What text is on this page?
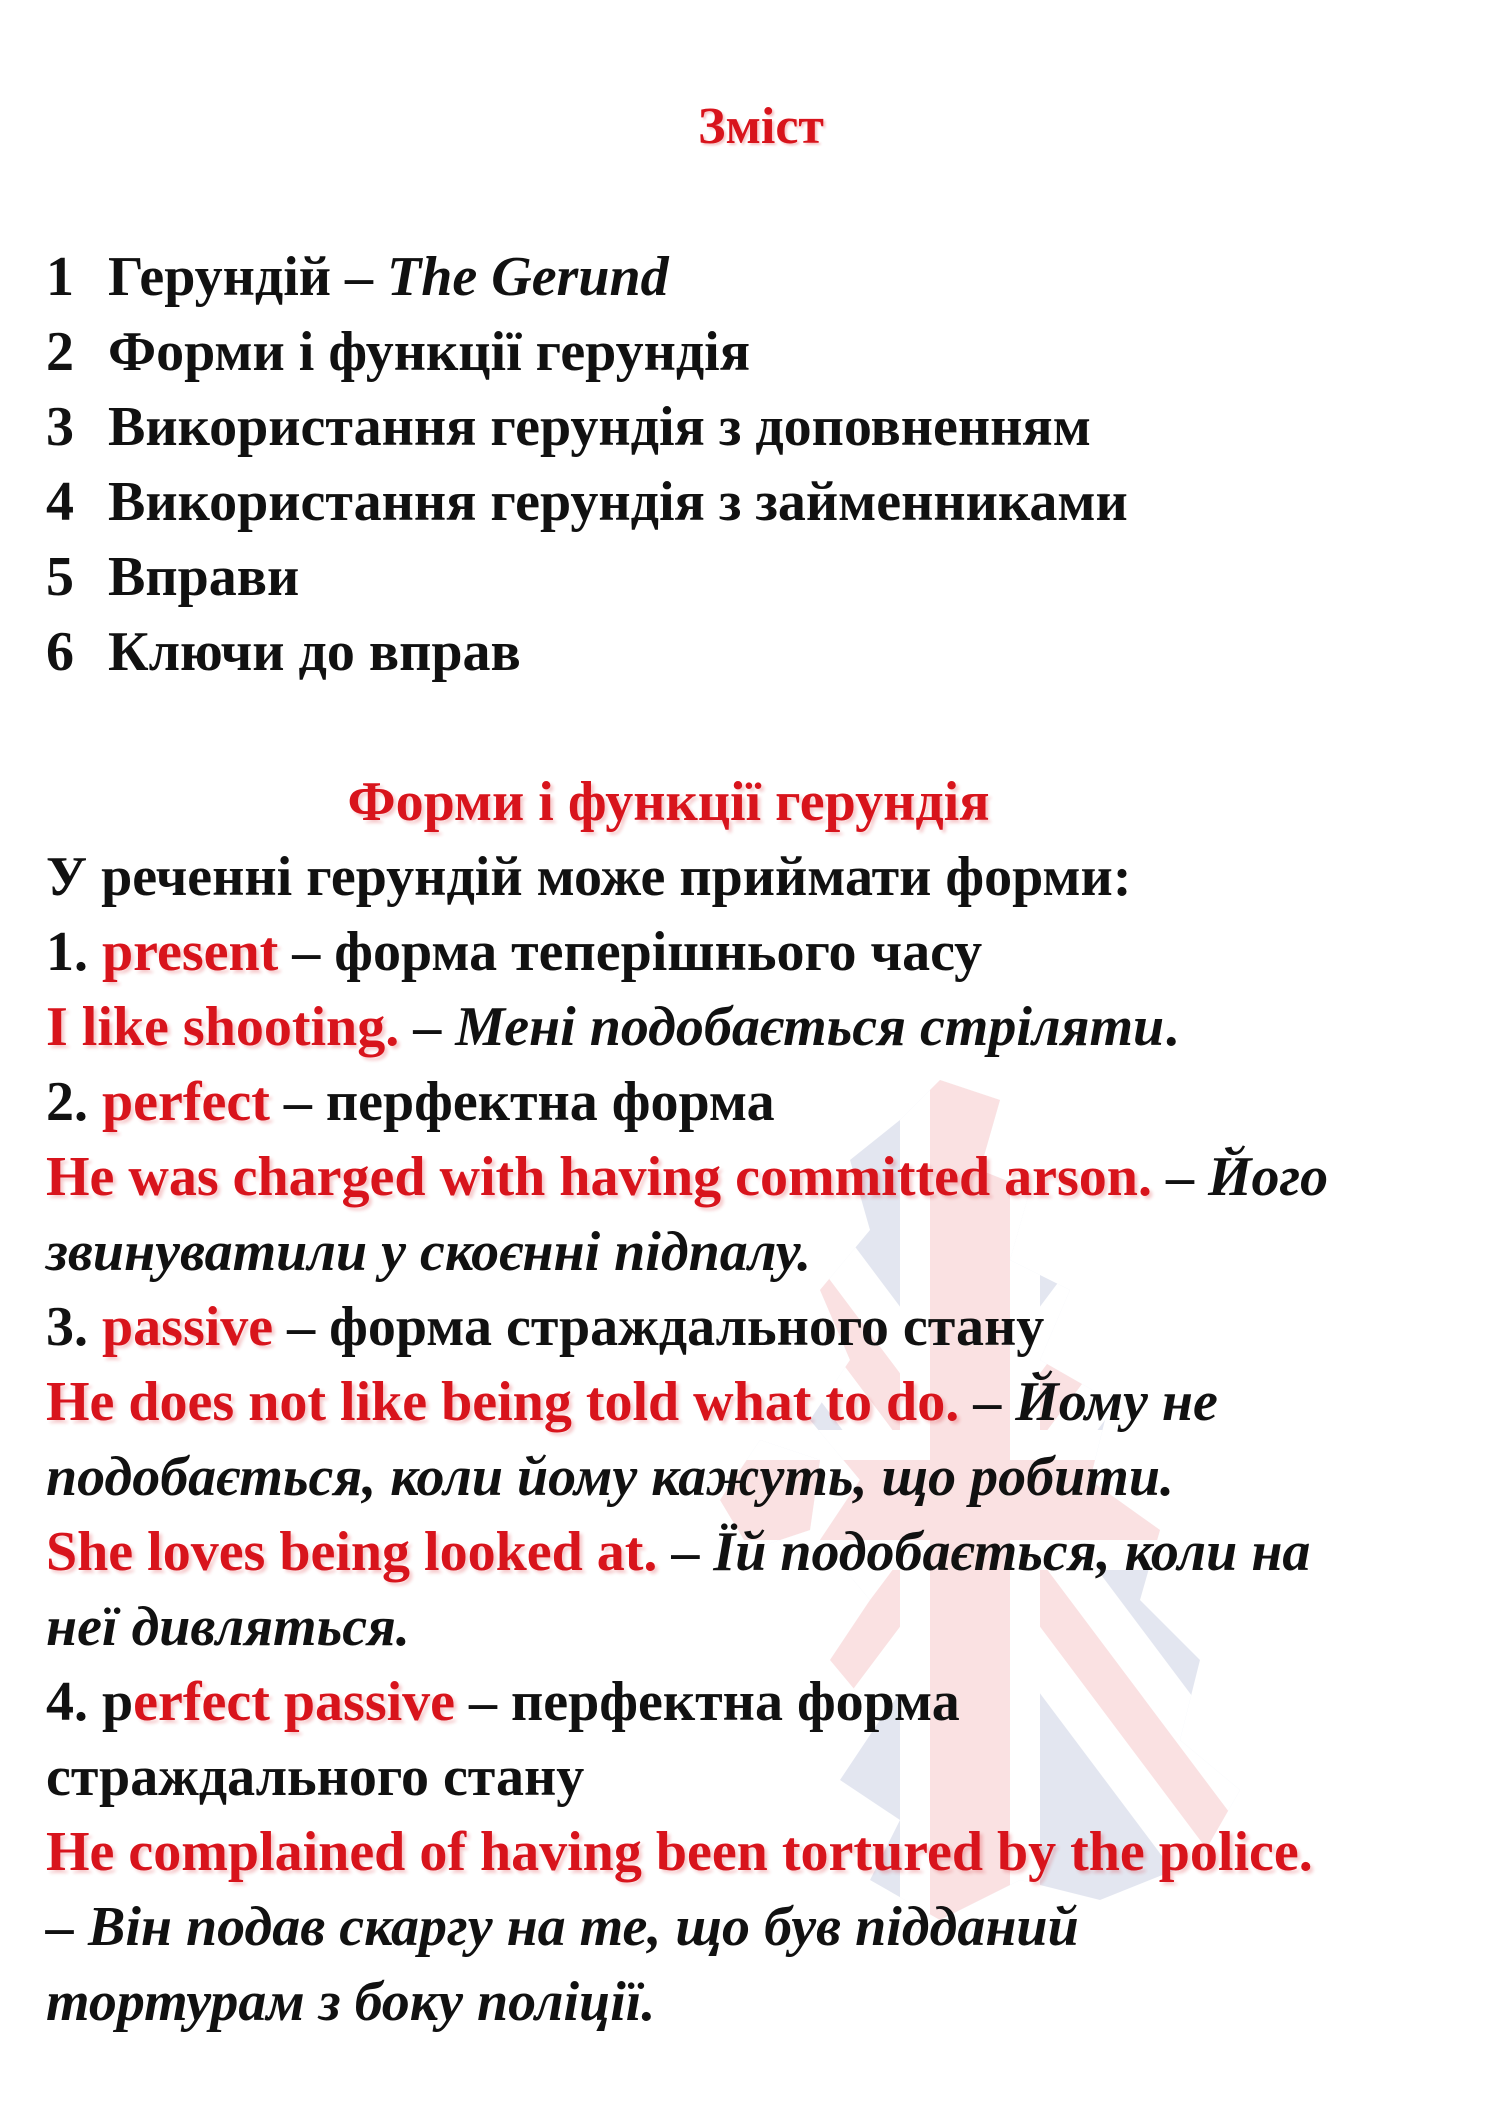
Зміст
1 Герундій – The Gerund
2 Форми і функції герундія
3 Використання герундія з доповненням
4 Використання герундія з займенниками
5 Вправи
6 Ключи до вправ
Форми і функції герундія
У реченні герундій може приймати форми:
1. present – форма теперішнього часу
I like shooting. – Мені подобається стріляти.
2. perfect – перфектна форма
He was charged with having committed arson. – Його
звинуватили у скоєнні підпалу.
3. passive – форма страждального стану
He does not like being told what to do. – Йому не
подобається, коли йому кажуть, що робити.
She loves being looked at. – Їй подобається, коли на
неї дивляться.
4. perfect passive – перфектна форма
страждального стану
He complained of having been tortured by the police.
– Він подав скаргу на те, що був підданий
тортурам з боку поліції.
